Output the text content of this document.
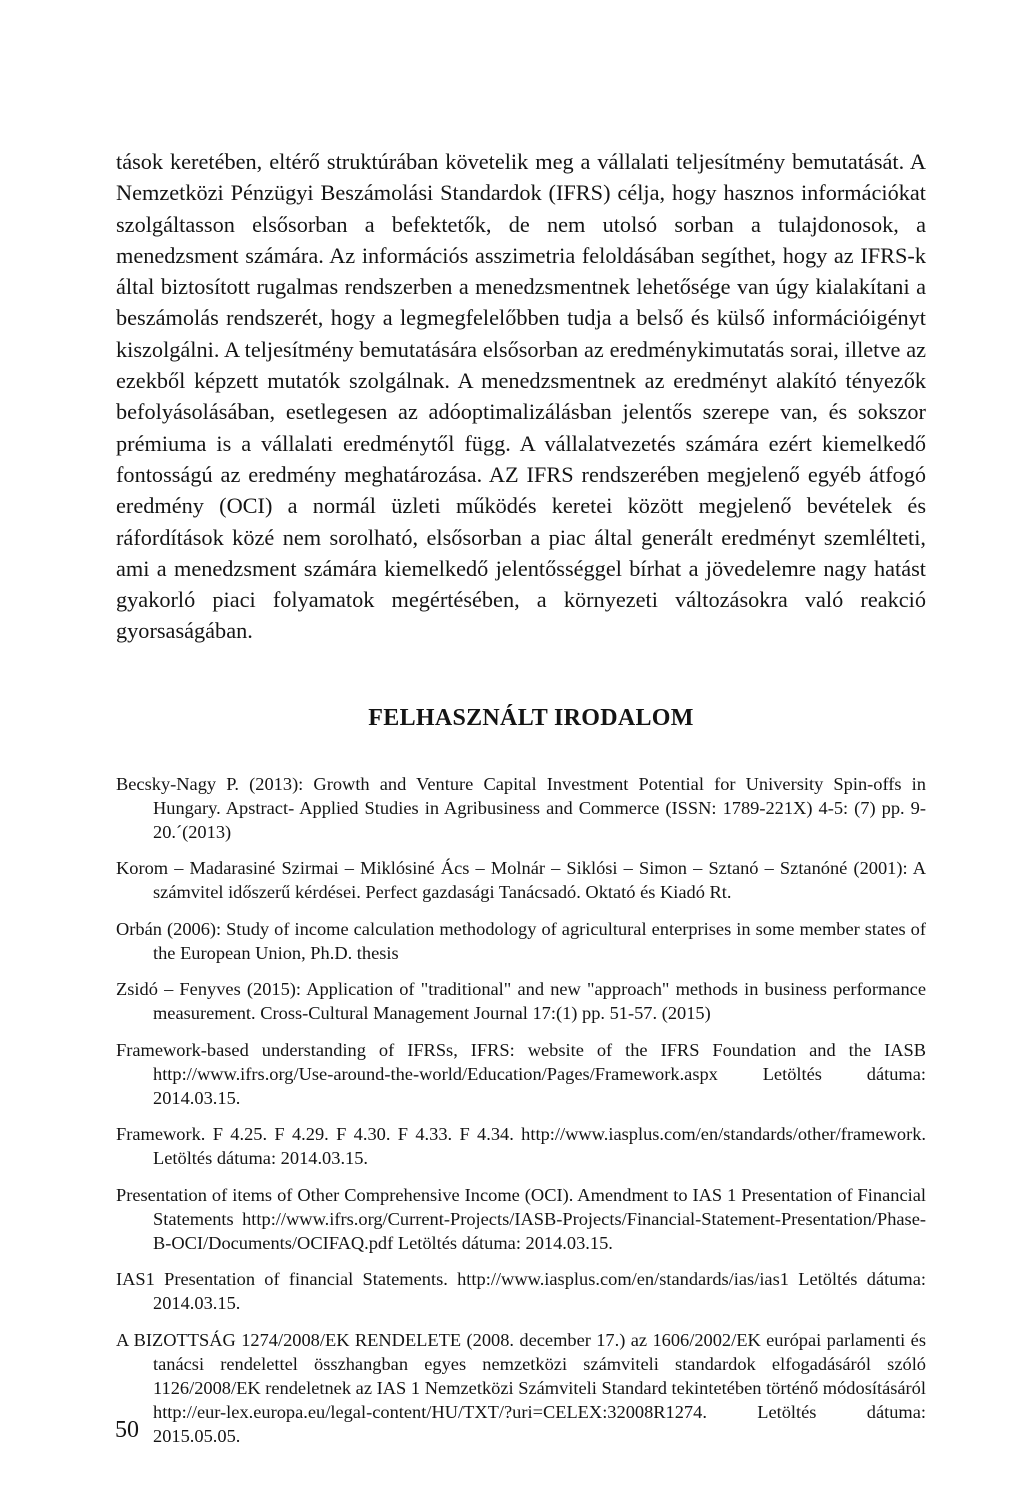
tások keretében, eltérő struktúrában követelik meg a vállalati teljesítmény bemutatását. A Nemzetközi Pénzügyi Beszámolási Standardok (IFRS) célja, hogy hasznos információkat szolgáltasson elsősorban a befektetők, de nem utolsó sorban a tulajdonosok, a menedzsment számára. Az információs asszimetria feloldásában segíthet, hogy az IFRS-k által biztosított rugalmas rendszerben a menedzsmentnek lehetősége van úgy kialakítani a beszámolás rendszerét, hogy a legmegfelelőbben tudja a belső és külső információigényt kiszolgálni. A teljesítmény bemutatására elsősorban az eredménykimutatás sorai, illetve az ezekből képzett mutatók szolgálnak. A menedzsmentnek az eredményt alakító tényezők befolyásolásában, esetlegesen az adóoptimalizálásban jelentős szerepe van, és sokszor prémiuma is a vállalati eredménytől függ. A vállalatvezetés számára ezért kiemelkedő fontosságú az eredmény meghatározása. AZ IFRS rendszerében megjelenő egyéb átfogó eredmény (OCI) a normál üzleti működés keretei között megjelenő bevételek és ráfordítások közé nem sorolható, elsősorban a piac által generált eredményt szemlélteti, ami a menedzsment számára kiemelkedő jelentősséggel bírhat a jövedelemre nagy hatást gyakorló piaci folyamatok megértésében, a környezeti változásokra való reakció gyorsaságában.

FELHASZNÁLT IRODALOM
Becsky-Nagy P. (2013): Growth and Venture Capital Investment Potential for University Spin-offs in Hungary. Apstract- Applied Studies in Agribusiness and Commerce (ISSN: 1789-221X) 4-5: (7) pp. 9-20.´(2013)
Korom – Madarasiné Szirmai – Miklósiné Ács – Molnár – Siklósi – Simon – Sztanó – Sztanóné (2001): A számvitel időszerű kérdései. Perfect gazdasági Tanácsadó. Oktató és Kiadó Rt.
Orbán (2006): Study of income calculation methodology of agricultural enterprises in some member states of the European Union, Ph.D. thesis
Zsidó – Fenyves (2015): Application of "traditional" and new "approach" methods in business performance measurement. Cross-Cultural Management Journal 17:(1) pp. 51-57. (2015)
Framework-based understanding of IFRSs, IFRS: website of the IFRS Foundation and the IASB http://www.ifrs.org/Use-around-the-world/Education/Pages/Framework.aspx Letöltés dátuma: 2014.03.15.
Framework. F 4.25. F 4.29. F 4.30. F 4.33. F 4.34. http://www.iasplus.com/en/standards/other/framework. Letöltés dátuma: 2014.03.15.
Presentation of items of Other Comprehensive Income (OCI). Amendment to IAS 1 Presentation of Financial Statements http://www.ifrs.org/Current-Projects/IASB-Projects/Financial-Statement-Presentation/Phase-B-OCI/Documents/OCIFAQ.pdf Letöltés dátuma: 2014.03.15.
IAS1 Presentation of financial Statements. http://www.iasplus.com/en/standards/ias/ias1 Letöltés dátuma: 2014.03.15.
A BIZOTTSÁG 1274/2008/EK RENDELETE (2008. december 17.) az 1606/2002/EK európai parlamenti és tanácsi rendelettel összhangban egyes nemzetközi számviteli standardok elfogadásáról szóló 1126/2008/EK rendeletnek az IAS 1 Nemzetközi Számviteli Standard tekintetében történő módosításáról http://eur-lex.europa.eu/legal-content/HU/TXT/?uri=CELEX:32008R1274. Letöltés dátuma: 2015.05.05.
50
